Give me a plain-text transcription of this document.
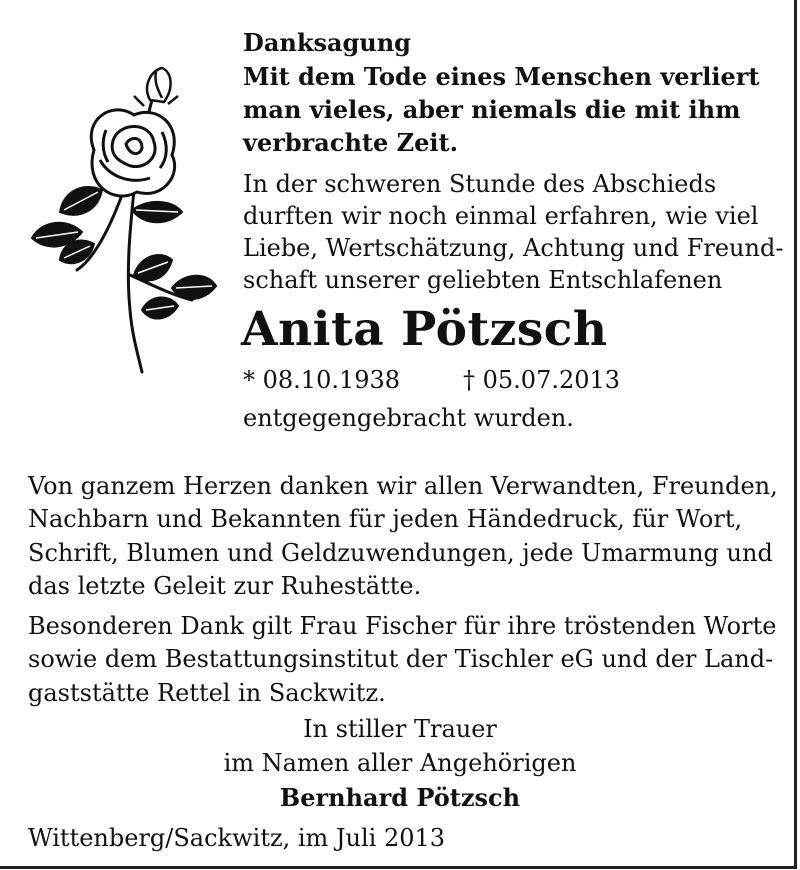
Danksagung
Mit dem Tode eines Menschen verliert
man vieles, aber niemals die mit ihm
verbrachte Zeit.
In der schweren Stunde des Abschieds
durften wir noch einmal erfahren, wie viel
Liebe, Wertschätzung, Achtung und Freund-
schaft unserer geliebten Entschlafenen
Anita Pötzsch
* 08.10.1938	† 05.07.2013
entgegengebracht wurden.
Von ganzem Herzen danken wir allen Verwandten, Freunden,
Nachbarn und Bekannten für jeden Händedruck, für Wort,
Schrift, Blumen und Geldzuwendungen, jede Umarmung und
das letzte Geleit zur Ruhestätte.
Besonderen Dank gilt Frau Fischer für ihre tröstenden Worte
sowie dem Bestattungsinstitut der Tischler eG und der Land-
gaststätte Rettel in Sackwitz.
In stiller Trauer
im Namen aller Angehörigen
Bernhard Pötzsch
Wittenberg/Sackwitz, im Juli 2013
